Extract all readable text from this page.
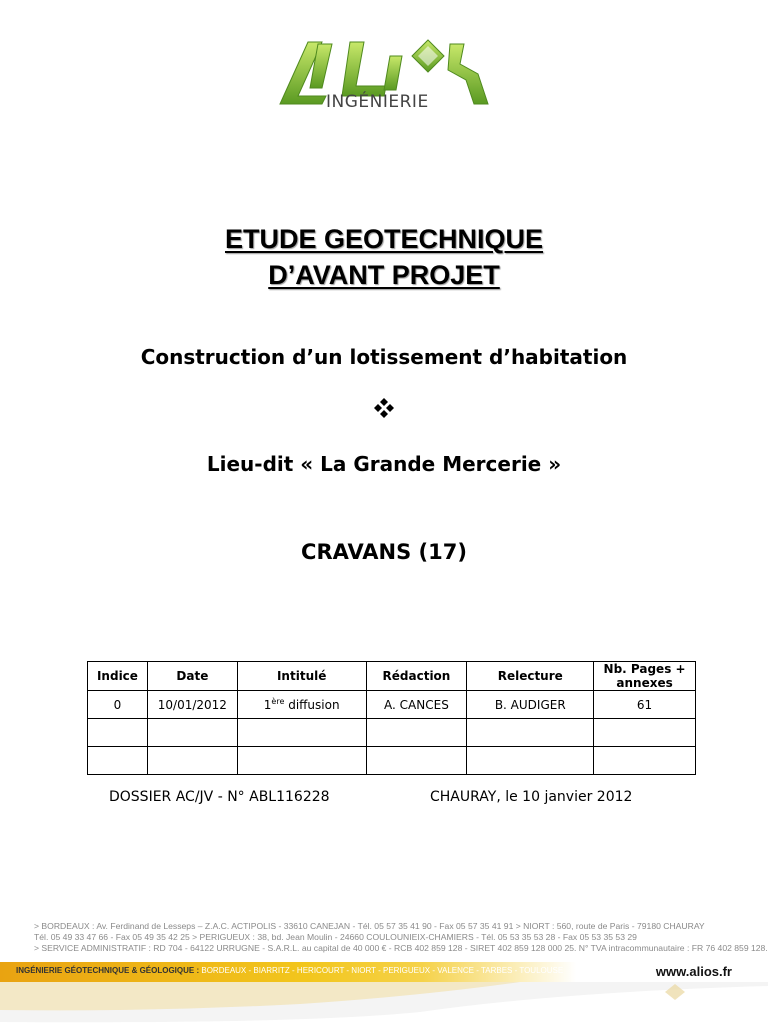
INGÉNIERIE
ETUDE GEOTECHNIQUE
D’AVANT PROJET
Construction d’un lotissement d’habitation
Lieu-dit « La Grande Mercerie »
CRAVANS (17)
Indice	Date	Intitulé	Rédaction	Relecture	Nb. Pages + annexes
0	10/01/2012	1ère diffusion	A. CANCES	B. AUDIGER	61

DOSSIER AC/JV - N° ABL116228	CHAURAY, le 10 janvier 2012
> BORDEAUX : Av. Ferdinand de Lesseps – Z.A.C. ACTIPOLIS - 33610 CANEJAN - Tél. 05 57 35 41 90 - Fax 05 57 35 41 91 > NIORT : 560, route de Paris - 79180 CHAURAY
Tél. 05 49 33 47 66 - Fax 05 49 35 42 25 > PERIGUEUX : 38, bd. Jean Moulin - 24660 COULOUNIEIX-CHAMIERS - Tél. 05 53 35 53 28 - Fax 05 53 35 53 29
> SERVICE ADMINISTRATIF : RD 704 - 64122 URRUGNE - S.A.R.L. au capital de 40 000 € - RCB 402 859 128 - SIRET 402 859 128 000 25. N° TVA intracommunautaire : FR 76 402 859 128.
INGÉNIERIE GÉOTECHNIQUE & GÉOLOGIQUE : BORDEAUX - BIARRITZ - HERICOURT - NIORT - PERIGUEUX - VALENCE - TARBES - TOULOUSE	www.alios.fr
